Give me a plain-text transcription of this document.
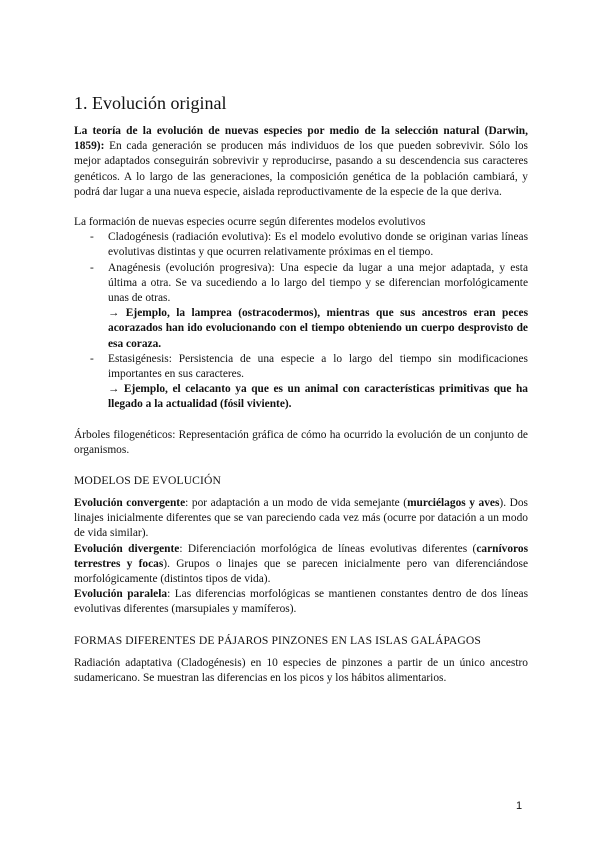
1. Evolución original

La teoría de la evolución de nuevas especies por medio de la selección natural (Darwin, 1859): En cada generación se producen más individuos de los que pueden sobrevivir. Sólo los mejor adaptados conseguirán sobrevivir y reproducirse, pasando a su descendencia sus caracteres genéticos. A lo largo de las generaciones, la composición genética de la población cambiará, y podrá dar lugar a una nueva especie, aislada reproductivamente de la especie de la que deriva.

La formación de nuevas especies ocurre según diferentes modelos evolutivos

- Cladogénesis (radiación evolutiva): Es el modelo evolutivo donde se originan varias líneas evolutivas distintas y que ocurren relativamente próximas en el tiempo.
- Anagénesis (evolución progresiva): Una especie da lugar a una mejor adaptada, y esta última a otra. Se va sucediendo a lo largo del tiempo y se diferencian morfológicamente unas de otras.
→ Ejemplo, la lamprea (ostracodermos), mientras que sus ancestros eran peces acorazados han ido evolucionando con el tiempo obteniendo un cuerpo desprovisto de esa coraza.
- Estasigénesis: Persistencia de una especie a lo largo del tiempo sin modificaciones importantes en sus caracteres.
→ Ejemplo, el celacanto ya que es un animal con características primitivas que ha llegado a la actualidad (fósil viviente).

Árboles filogenéticos: Representación gráfica de cómo ha ocurrido la evolución de un conjunto de organismos.

MODELOS DE EVOLUCIÓN

Evolución convergente: por adaptación a un modo de vida semejante (murciélagos y aves). Dos linajes inicialmente diferentes que se van pareciendo cada vez más (ocurre por datación a un modo de vida similar).

Evolución divergente: Diferenciación morfológica de líneas evolutivas diferentes (carnívoros terrestres y focas). Grupos o linajes que se parecen inicialmente pero van diferenciándose morfológicamente (distintos tipos de vida).

Evolución paralela: Las diferencias morfológicas se mantienen constantes dentro de dos líneas evolutivas diferentes (marsupiales y mamíferos).

FORMAS DIFERENTES DE PÁJAROS PINZONES EN LAS ISLAS GALÁPAGOS

Radiación adaptativa (Cladogénesis) en 10 especies de pinzones a partir de un único ancestro sudamericano. Se muestran las diferencias en los picos y los hábitos alimentarios.

1
